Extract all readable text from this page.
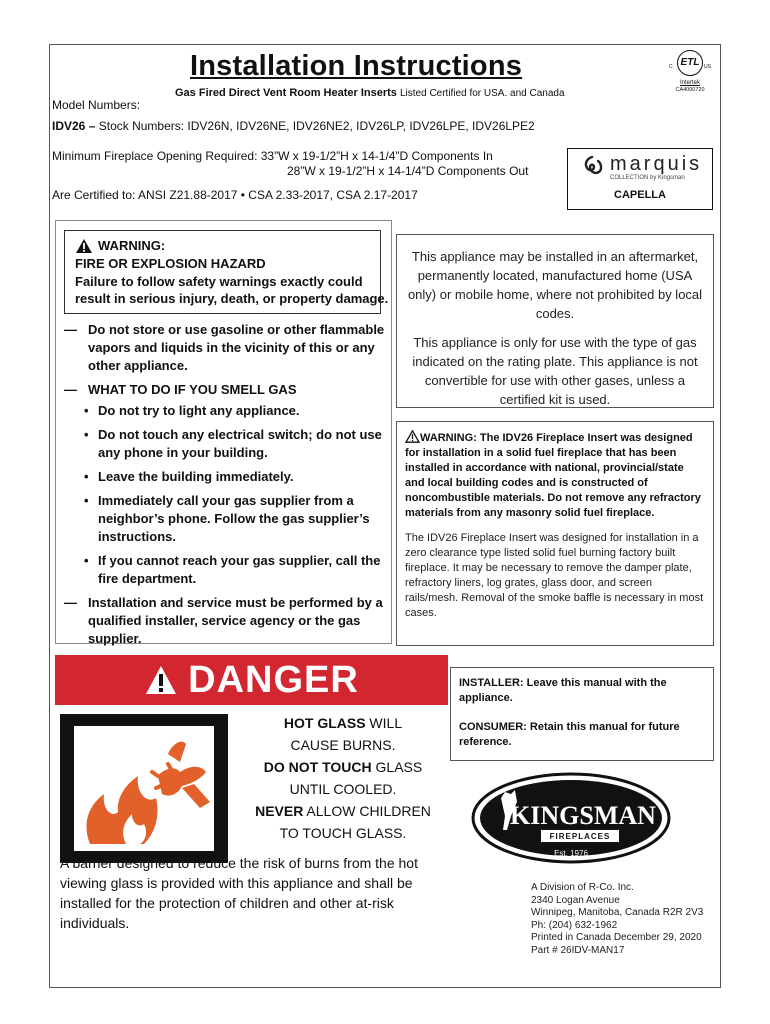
Installation Instructions
Gas Fired Direct Vent Room Heater Inserts Listed Certified for USA. and Canada
C ETL US
Intertek
CA4000720
Model Numbers:
IDV26 – Stock Numbers: IDV26N, IDV26NE, IDV26NE2, IDV26LP, IDV26LPE, IDV26LPE2
Minimum Fireplace Opening Required: 33”W x 19-1/2”H x 14-1/4”D Components In
28”W x 19-1/2”H x 14-1/4”D Components Out
Are Certified to: ANSI Z21.88-2017 • CSA 2.33-2017, CSA 2.17-2017
marquis
COLLECTION by Kingsman
CAPELLA
WARNING:
FIRE OR EXPLOSION HAZARD
Failure to follow safety warnings exactly could
result in serious injury, death, or property damage.
— Do not store or use gasoline or other flammable vapors and liquids in the vicinity of this or any other appliance.
— WHAT TO DO IF YOU SMELL GAS
• Do not try to light any appliance.
• Do not touch any electrical switch; do not use any phone in your building.
• Leave the building immediately.
• Immediately call your gas supplier from a neighbor’s phone. Follow the gas supplier’s instructions.
• If you cannot reach your gas supplier, call the fire department.
— Installation and service must be performed by a qualified installer, service agency or the gas supplier.

This appliance may be installed in an aftermarket, permanently located, manufactured home (USA only) or mobile home, where not prohibited by local codes.

This appliance is only for use with the type of gas indicated on the rating plate. This appliance is not convertible for use with other gases, unless a certified kit is used.

WARNING: The IDV26 Fireplace Insert was designed for installation in a solid fuel fireplace that has been installed in accordance with national, provincial/state and local building codes and is constructed of noncombustible materials. Do not remove any refractory materials from any masonry solid fuel fireplace.
The IDV26 Fireplace Insert was designed for installation in a zero clearance type listed solid fuel burning factory built fireplace. It may be necessary to remove the damper plate, refractory liners, log grates, glass door, and screen rails/mesh. Removal of the smoke baffle is necessary in most cases.
DANGER
HOT GLASS WILL
CAUSE BURNS.
DO NOT TOUCH GLASS
UNTIL COOLED.
NEVER ALLOW CHILDREN
TO TOUCH GLASS.
A barrier designed to reduce the risk of burns from the hot viewing glass is provided with this appliance and shall be installed for the protection of children and other at-risk individuals.

INSTALLER: Leave this manual with the appliance.

CONSUMER: Retain this manual for future reference.

KINGSMAN
FIREPLACES
Est. 1976
A Division of R-Co. Inc.
2340 Logan Avenue
Winnipeg, Manitoba, Canada R2R 2V3
Ph: (204) 632-1962
Printed in Canada December 29, 2020
Part # 26IDV-MAN17
